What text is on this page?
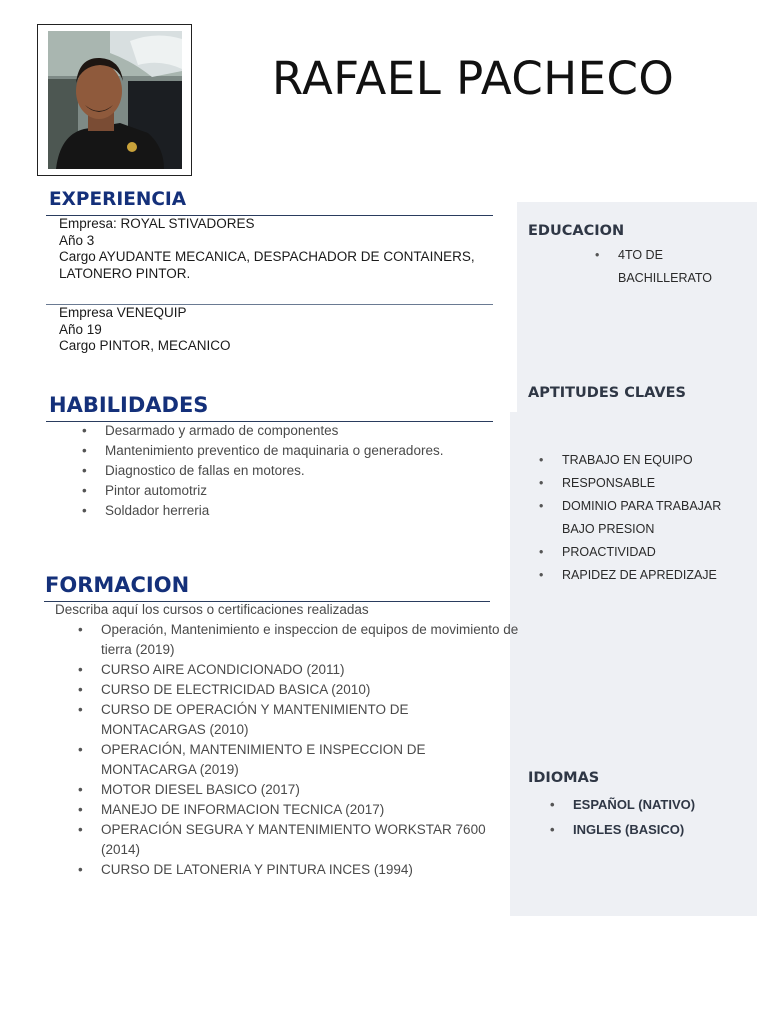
RAFAEL PACHECO
EXPERIENCIA
Empresa: ROYAL STIVADORES
Año 3
Cargo AYUDANTE MECANICA, DESPACHADOR DE CONTAINERS,
LATONERO PINTOR.
Empresa VENEQUIP
Año 19
Cargo PINTOR, MECANICO
HABILIDADES
• Desarmado y armado de componentes
• Mantenimiento preventico de maquinaria o generadores.
• Diagnostico de fallas en motores.
• Pintor automotriz
• Soldador herreria
FORMACION
Describa aquí los cursos o certificaciones realizadas
• Operación, Mantenimiento e inspeccion de equipos de movimiento de
tierra (2019)
• CURSO AIRE ACONDICIONADO (2011)
• CURSO DE ELECTRICIDAD BASICA (2010)
• CURSO DE OPERACIÓN Y MANTENIMIENTO DE
MONTACARGAS (2010)
• OPERACIÓN, MANTENIMIENTO E INSPECCION DE
MONTACARGA (2019)
• MOTOR DIESEL BASICO (2017)
• MANEJO DE INFORMACION TECNICA (2017)
• OPERACIÓN SEGURA Y MANTENIMIENTO WORKSTAR 7600
(2014)
• CURSO DE LATONERIA Y PINTURA INCES (1994)
EDUCACION
• 4TO DE
BACHILLERATO
APTITUDES CLAVES
• TRABAJO EN EQUIPO
• RESPONSABLE
• DOMINIO PARA TRABAJAR
BAJO PRESION
• PROACTIVIDAD
• RAPIDEZ DE APREDIZAJE
IDIOMAS
• ESPAÑOL (NATIVO)
• INGLES (BASICO)
